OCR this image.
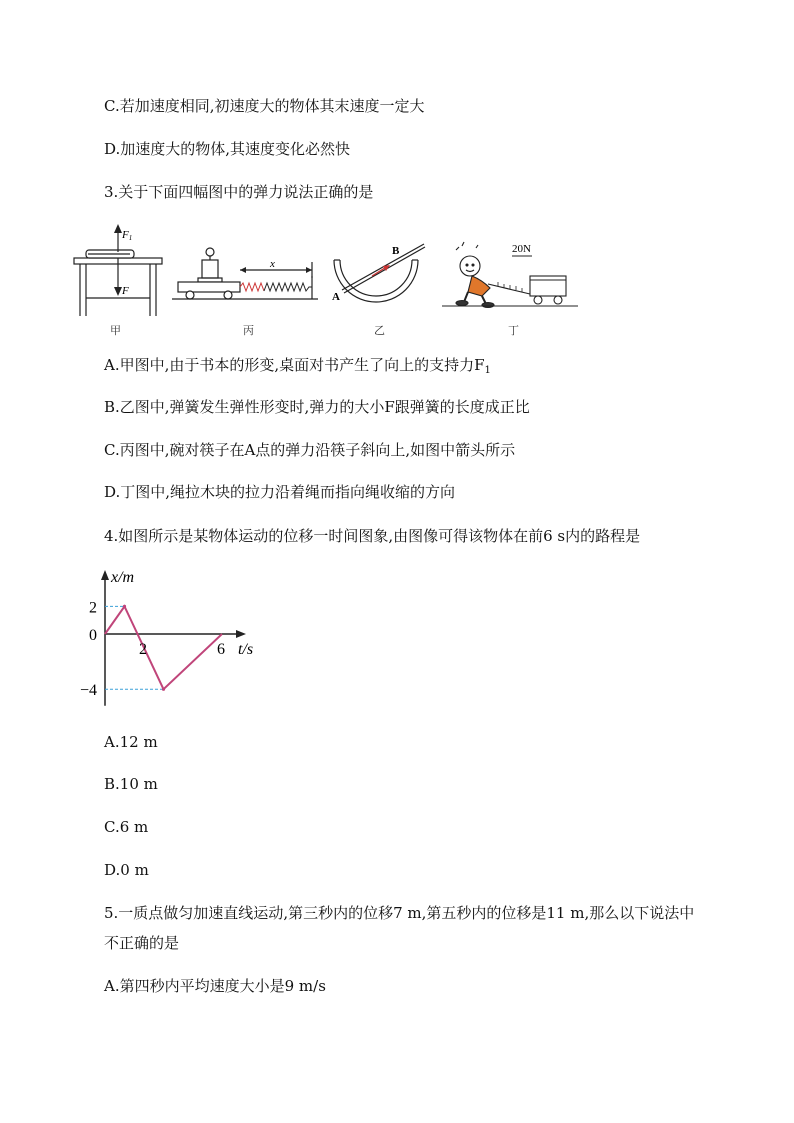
C.若加速度相同,初速度大的物体其末速度一定大
D.加速度大的物体,其速度变化必然快
3.关于下面四幅图中的弹力说法正确的是
F1
F
甲
x
丙
A
B
乙
20N
丁
A.甲图中,由于书本的形变,桌面对书产生了向上的支持力$F_1$
B.乙图中,弹簧发生弹性形变时,弹力的大小F跟弹簧的长度成正比
C.丙图中,碗对筷子在A点的弹力沿筷子斜向上,如图中箭头所示
D.丁图中,绳拉木块的拉力沿着绳而指向绳收缩的方向
4.如图所示是某物体运动的位移一时间图象,由图像可得该物体在前6 s内的路程是
x/m
t/s
2
0
−4
2	6
A.12 m
B.10 m
C.6 m
D.0 m
5.一质点做匀加速直线运动,第三秒内的位移7 m,第五秒内的位移是11 m,那么以下说法中
不正确的是
A.第四秒内平均速度大小是9 m/s
